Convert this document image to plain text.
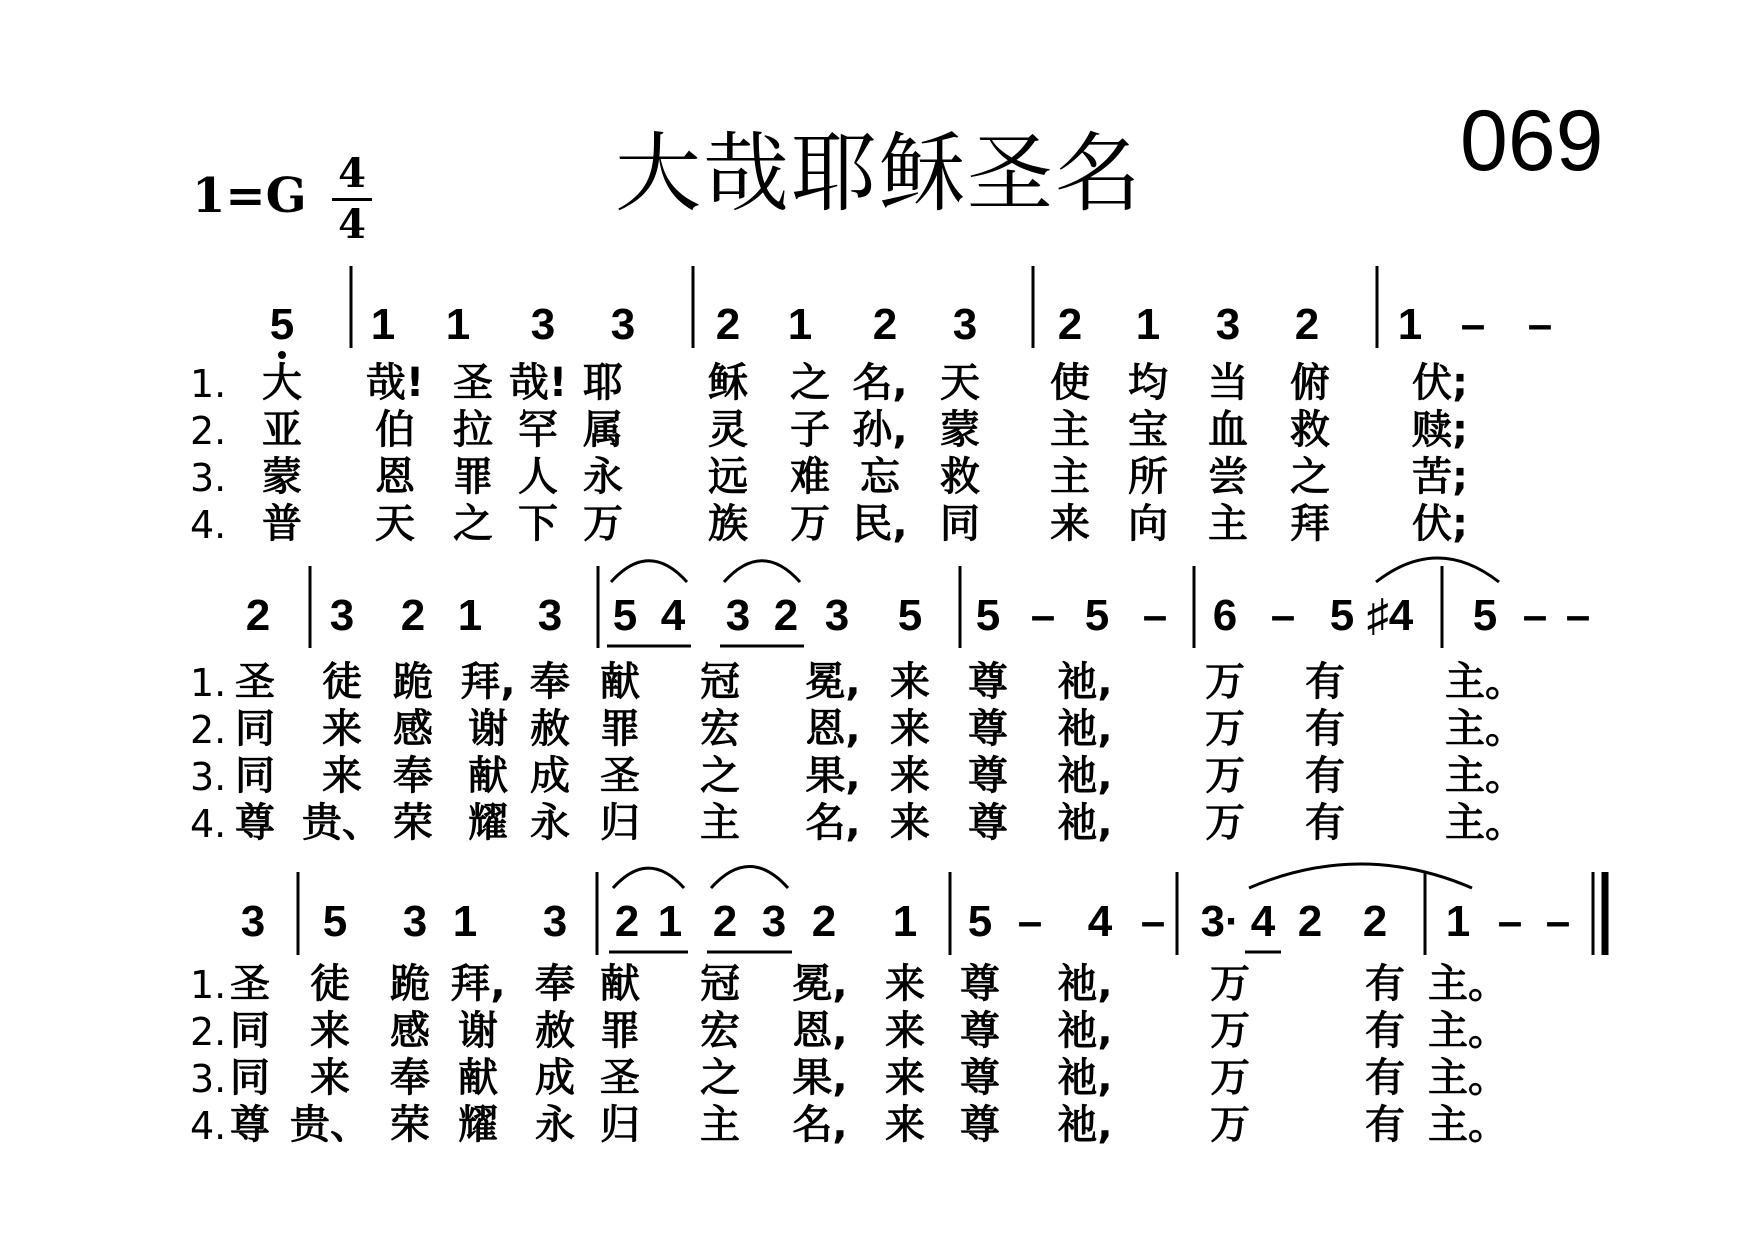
大哉耶稣圣名	069
1=G 4
4
5 1 1 3 3 2 1 2 3 2 1 3 2 1 – –
2 3 2 1 3 5 4 3 2 3 5 5 – 5 – 6 – 5 ♯4 5 – –
3 5 3 1 3 2 1 2 3 2 1 5 – 4 – 3· 4 2 2 1 – –
1. 大 哉! 圣 哉! 耶 稣 之 名, 天 使 均 当 俯 伏;
2. 亚 伯 拉 罕 属 灵 子 孙, 蒙 主 宝 血 救 赎;
3. 蒙 恩 罪 人 永 远 难 忘 救 主 所 尝 之 苦;
4. 普 天 之 下 万 族 万 民, 同 来 向 主 拜 伏;
1. 圣 徒 跪 拜, 奉 献 冠 冕, 来 尊 祂, 万 有	主。
2. 同 来 感 谢 赦 罪 宏 恩, 来 尊 祂, 万 有	主。
3. 同 来 奉 献 成 圣 之 果, 来 尊 祂, 万 有	主。
4. 尊 贵、 荣 耀 永 归 主 名, 来 尊 祂, 万 有	主。
1. 圣 徒 跪 拜, 奉 献 冠 冕, 来 尊 祂, 万	有 主。
2. 同 来 感 谢 赦 罪 宏 恩, 来 尊 祂, 万	有 主。
3. 同 来 奉 献 成 圣 之 果, 来 尊 祂, 万	有 主。
4. 尊 贵、 荣 耀 永 归 主 名, 来 尊 祂, 万	有 主。
